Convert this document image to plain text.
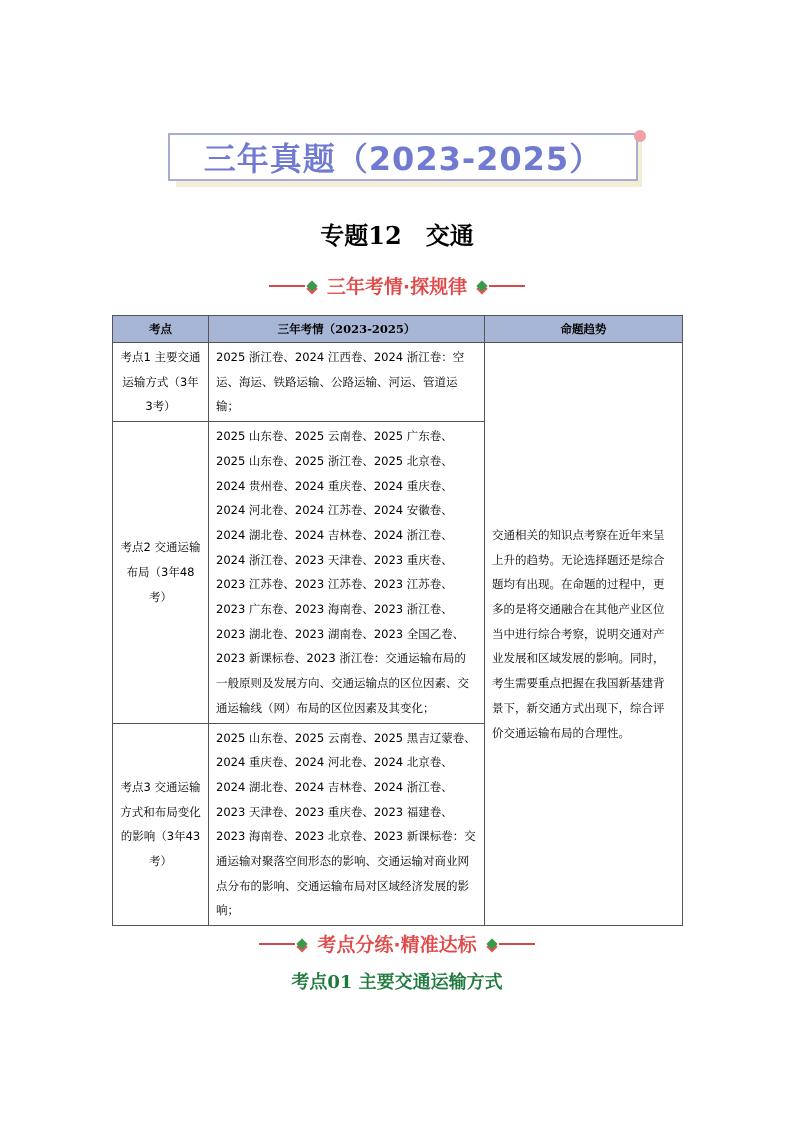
三年真题（2023-2025）
专题12　交通
三年考情·探规律
考点	三年考情（2023-2025）	命题趋势
考点1 主要交通运输方式（3年3考）	2025 浙江卷、2024 江西卷、2024 浙江卷：空运、海运、铁路运输、公路运输、河运、管道运输；	交通相关的知识点考察在近年来呈上升的趋势。无论选择题还是综合题均有出现。在命题的过程中，更多的是将交通融合在其他产业区位当中进行综合考察，说明交通对产业发展和区域发展的影响。同时，考生需要重点把握在我国新基建背景下，新交通方式出现下，综合评价交通运输布局的合理性。
考点2 交通运输布局（3年48考）	2025 山东卷、2025 云南卷、2025 广东卷、2025 山东卷、2025 浙江卷、2025 北京卷、2024 贵州卷、2024 重庆卷、2024 重庆卷、2024 河北卷、2024 江苏卷、2024 安徽卷、2024 湖北卷、2024 吉林卷、2024 浙江卷、2024 浙江卷、2023 天津卷、2023 重庆卷、2023 江苏卷、2023 江苏卷、2023 江苏卷、2023 广东卷、2023 海南卷、2023 浙江卷、2023 湖北卷、2023 湖南卷、2023 全国乙卷、2023 新课标卷、2023 浙江卷：交通运输布局的一般原则及发展方向、交通运输点的区位因素、交通运输线（网）布局的区位因素及其变化；	
考点3 交通运输方式和布局变化的影响（3年43考）	2025 山东卷、2025 云南卷、2025 黑吉辽蒙卷、2024 重庆卷、2024 河北卷、2024 北京卷、2024 湖北卷、2024 吉林卷、2024 浙江卷、2023 天津卷、2023 重庆卷、2023 福建卷、2023 海南卷、2023 北京卷、2023 新课标卷：交通运输对聚落空间形态的影响、交通运输对商业网点分布的影响、交通运输布局对区域经济发展的影响；	
考点分练·精准达标
考点01 主要交通运输方式
